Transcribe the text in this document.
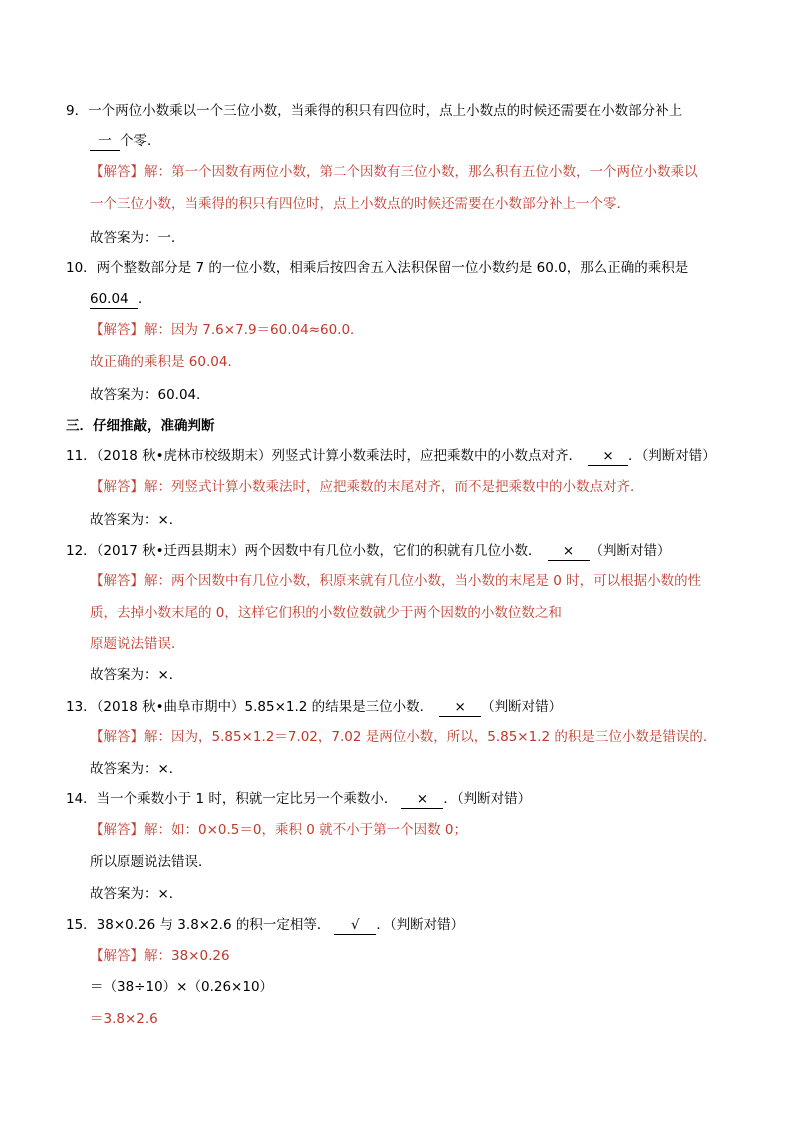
9．一个两位小数乘以一个三位小数，当乘得的积只有四位时，点上小数点的时候还需要在小数部分补上
一 个零．
【解答】解：第一个因数有两位小数，第二个因数有三位小数，那么积有五位小数，一个两位小数乘以
一个三位小数，当乘得的积只有四位时，点上小数点的时候还需要在小数部分补上一个零．
故答案为：一．
10．两个整数部分是 7 的一位小数，相乘后按四舍五入法积保留一位小数约是 60.0，那么正确的乘积是
60.04 ．
【解答】解：因为 7.6×7.9＝60.04≈60.0．
故正确的乘积是 60.04．
故答案为：60.04．
三．仔细推敲，准确判断
11．（2018 秋•虎林市校级期末）列竖式计算小数乘法时，应把乘数中的小数点对齐． × ．（判断对错）
【解答】解：列竖式计算小数乘法时，应把乘数的末尾对齐，而不是把乘数中的小数点对齐．
故答案为：×．
12．（2017 秋•迁西县期末）两个因数中有几位小数，它们的积就有几位小数． × （判断对错）
【解答】解：两个因数中有几位小数，积原来就有几位小数，当小数的末尾是 0 时，可以根据小数的性
质，去掉小数末尾的 0，这样它们积的小数位数就少于两个因数的小数位数之和
原题说法错误．
故答案为：×．
13．（2018 秋•曲阜市期中）5.85×1.2 的结果是三位小数． × （判断对错）
【解答】解：因为，5.85×1.2＝7.02，7.02 是两位小数，所以，5.85×1.2 的积是三位小数是错误的．
故答案为：×．
14．当一个乘数小于 1 时，积就一定比另一个乘数小． × ．（判断对错）
【解答】解：如：0×0.5＝0，乘积 0 就不小于第一个因数 0；
所以原题说法错误．
故答案为：×．
15．38×0.26 与 3.8×2.6 的积一定相等． √ ．（判断对错）
【解答】解：38×0.26
＝（38÷10）×（0.26×10）
＝3.8×2.6
